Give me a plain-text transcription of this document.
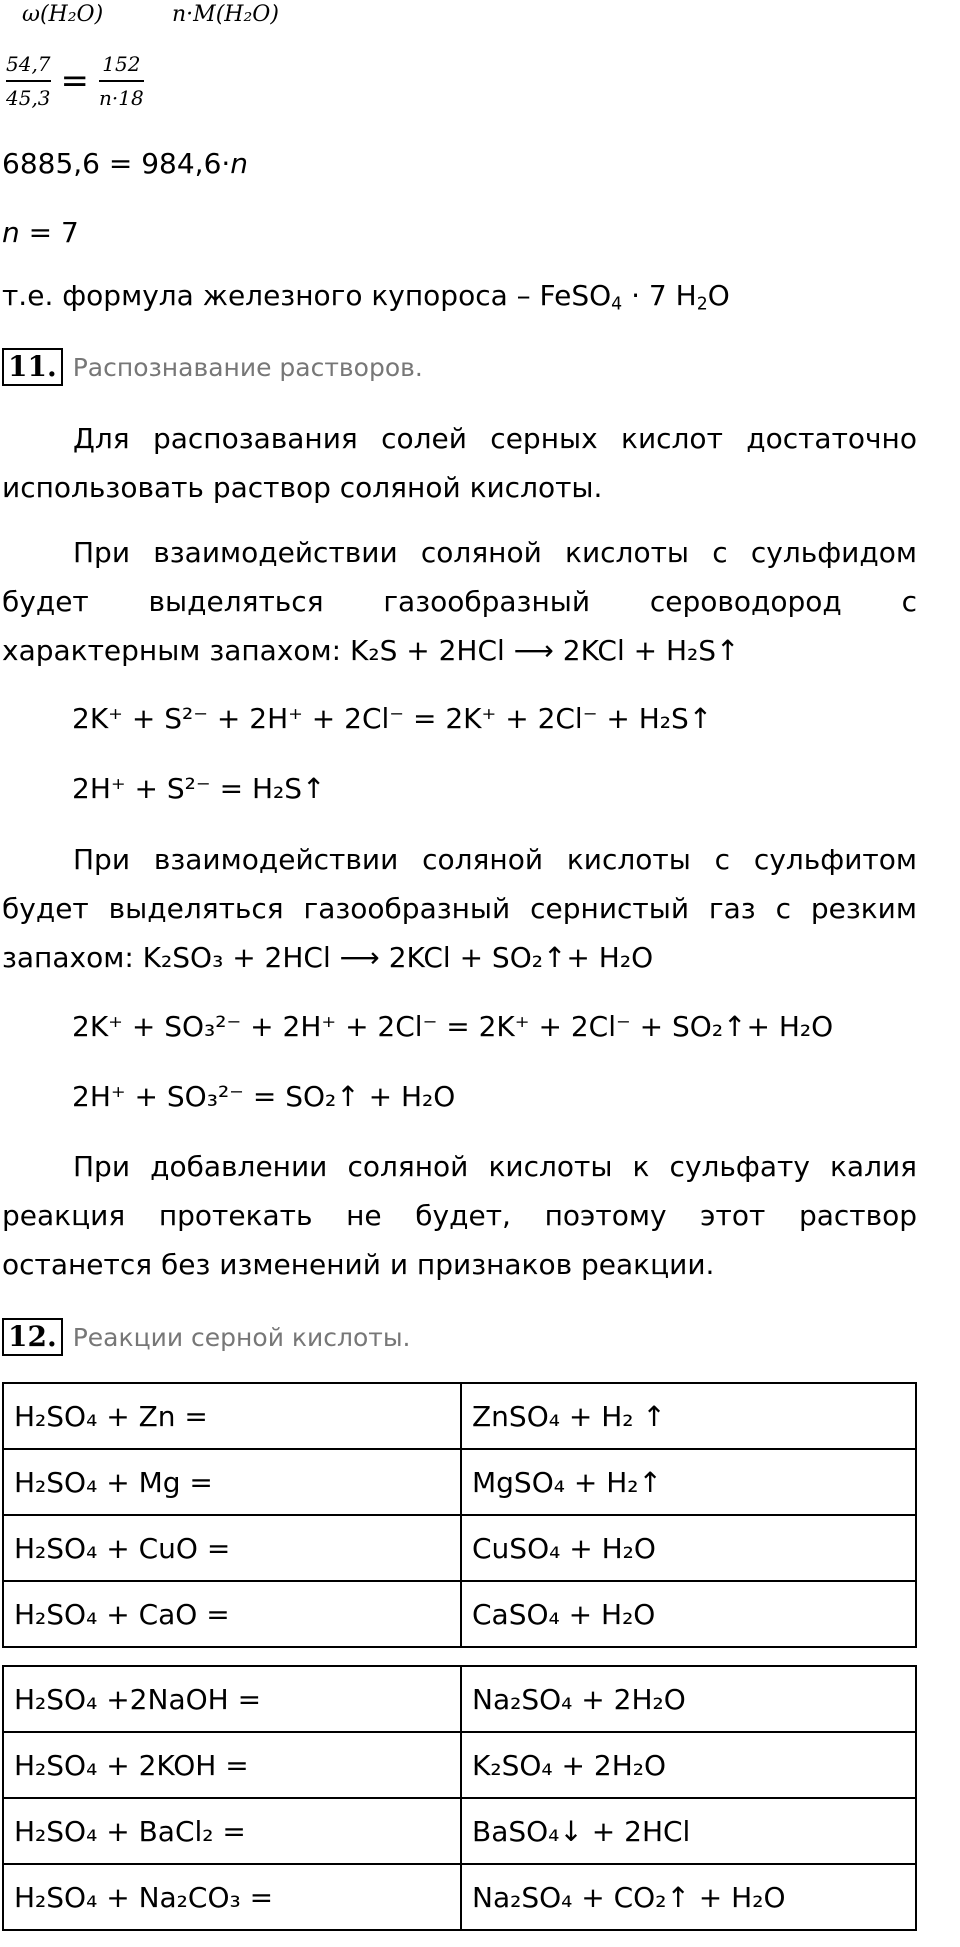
ω(H₂O)	n·M(H₂O)
$\frac{54,7}{45,3} = \frac{152}{n\cdot 18}$
6885,6 = 984,6·n
n = 7
т.е. формула железного купороса – FeSO$_4$ · 7 $H_2O$
11. Распознавание растворов.

Для распозавания солей серных кислот достаточно использовать раствор соляной кислоты.

При взаимодействии соляной кислоты с сульфидом будет выделяться газообразный сероводород с характерным запахом: K₂S + 2HCl ⟶ 2KCl + H₂S↑

2K⁺ + S²⁻ + 2H⁺ + 2Cl⁻ = 2K⁺ + 2Cl⁻ + H₂S↑
2H⁺ + S²⁻ = H₂S↑

При взаимодействии соляной кислоты с сульфитом будет выделяться газообразный сернистый газ с резким запахом: K₂SO₃ + 2HCl ⟶ 2KCl + SO₂↑+ H₂O

2K⁺ + SO₃²⁻ + 2H⁺ + 2Cl⁻ = 2K⁺ + 2Cl⁻ + SO₂↑+ H₂O
2H⁺ + SO₃²⁻ = SO₂↑ + H₂O

При добавлении соляной кислоты к сульфату калия реакция протекать не будет, поэтому этот раствор останется без изменений и признаков реакции.

12. Реакции серной кислоты.
H₂SO₄ + Zn =	ZnSO₄ + H₂ ↑
H₂SO₄ + Mg =	MgSO₄ + H₂↑
H₂SO₄ + CuO =	CuSO₄ + H₂O
H₂SO₄ + CaO =	CaSO₄ + H₂O
H₂SO₄ +2NaOH =	Na₂SO₄ + 2H₂O
H₂SO₄ + 2KOH =	K₂SO₄ + 2H₂O
H₂SO₄ + BaCl₂ =	BaSO₄↓ + 2HCl
H₂SO₄ + Na₂CO₃ =	Na₂SO₄ + CO₂↑ + H₂O
